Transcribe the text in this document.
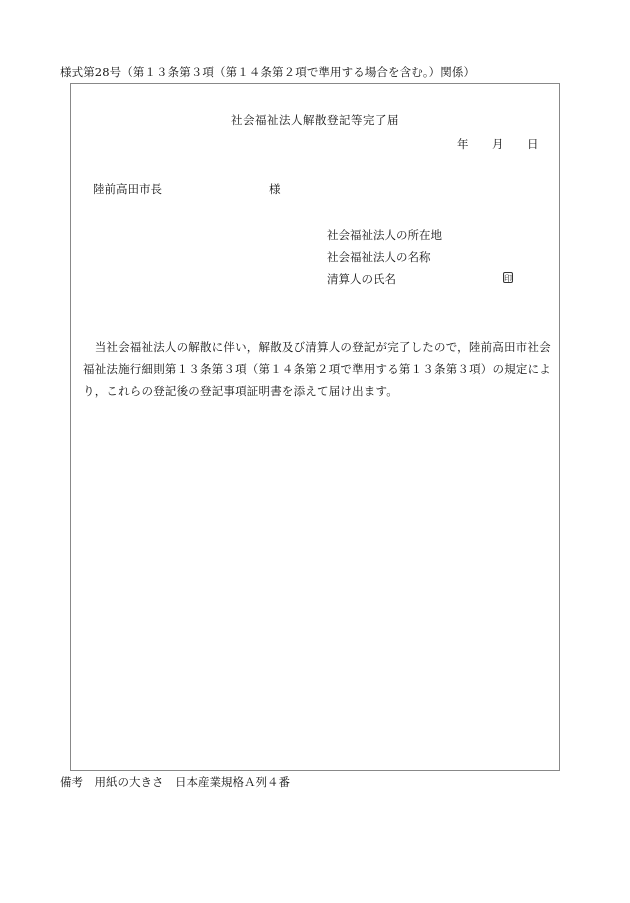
様式第28号（第１３条第３項（第１４条第２項で準用する場合を含む。）関係）
社会福祉法人解散登記等完了届
年 月 日
陸前高田市長	様
社会福祉法人の所在地
社会福祉法人の名称
清算人の氏名	印
　当社会福祉法人の解散に伴い，解散及び清算人の登記が完了したので，陸前高田市社会
福祉法施行細則第１３条第３項（第１４条第２項で準用する第１３条第３項）の規定によ
り，これらの登記後の登記事項証明書を添えて届け出ます。
備考　用紙の大きさ　日本産業規格Ａ列４番
